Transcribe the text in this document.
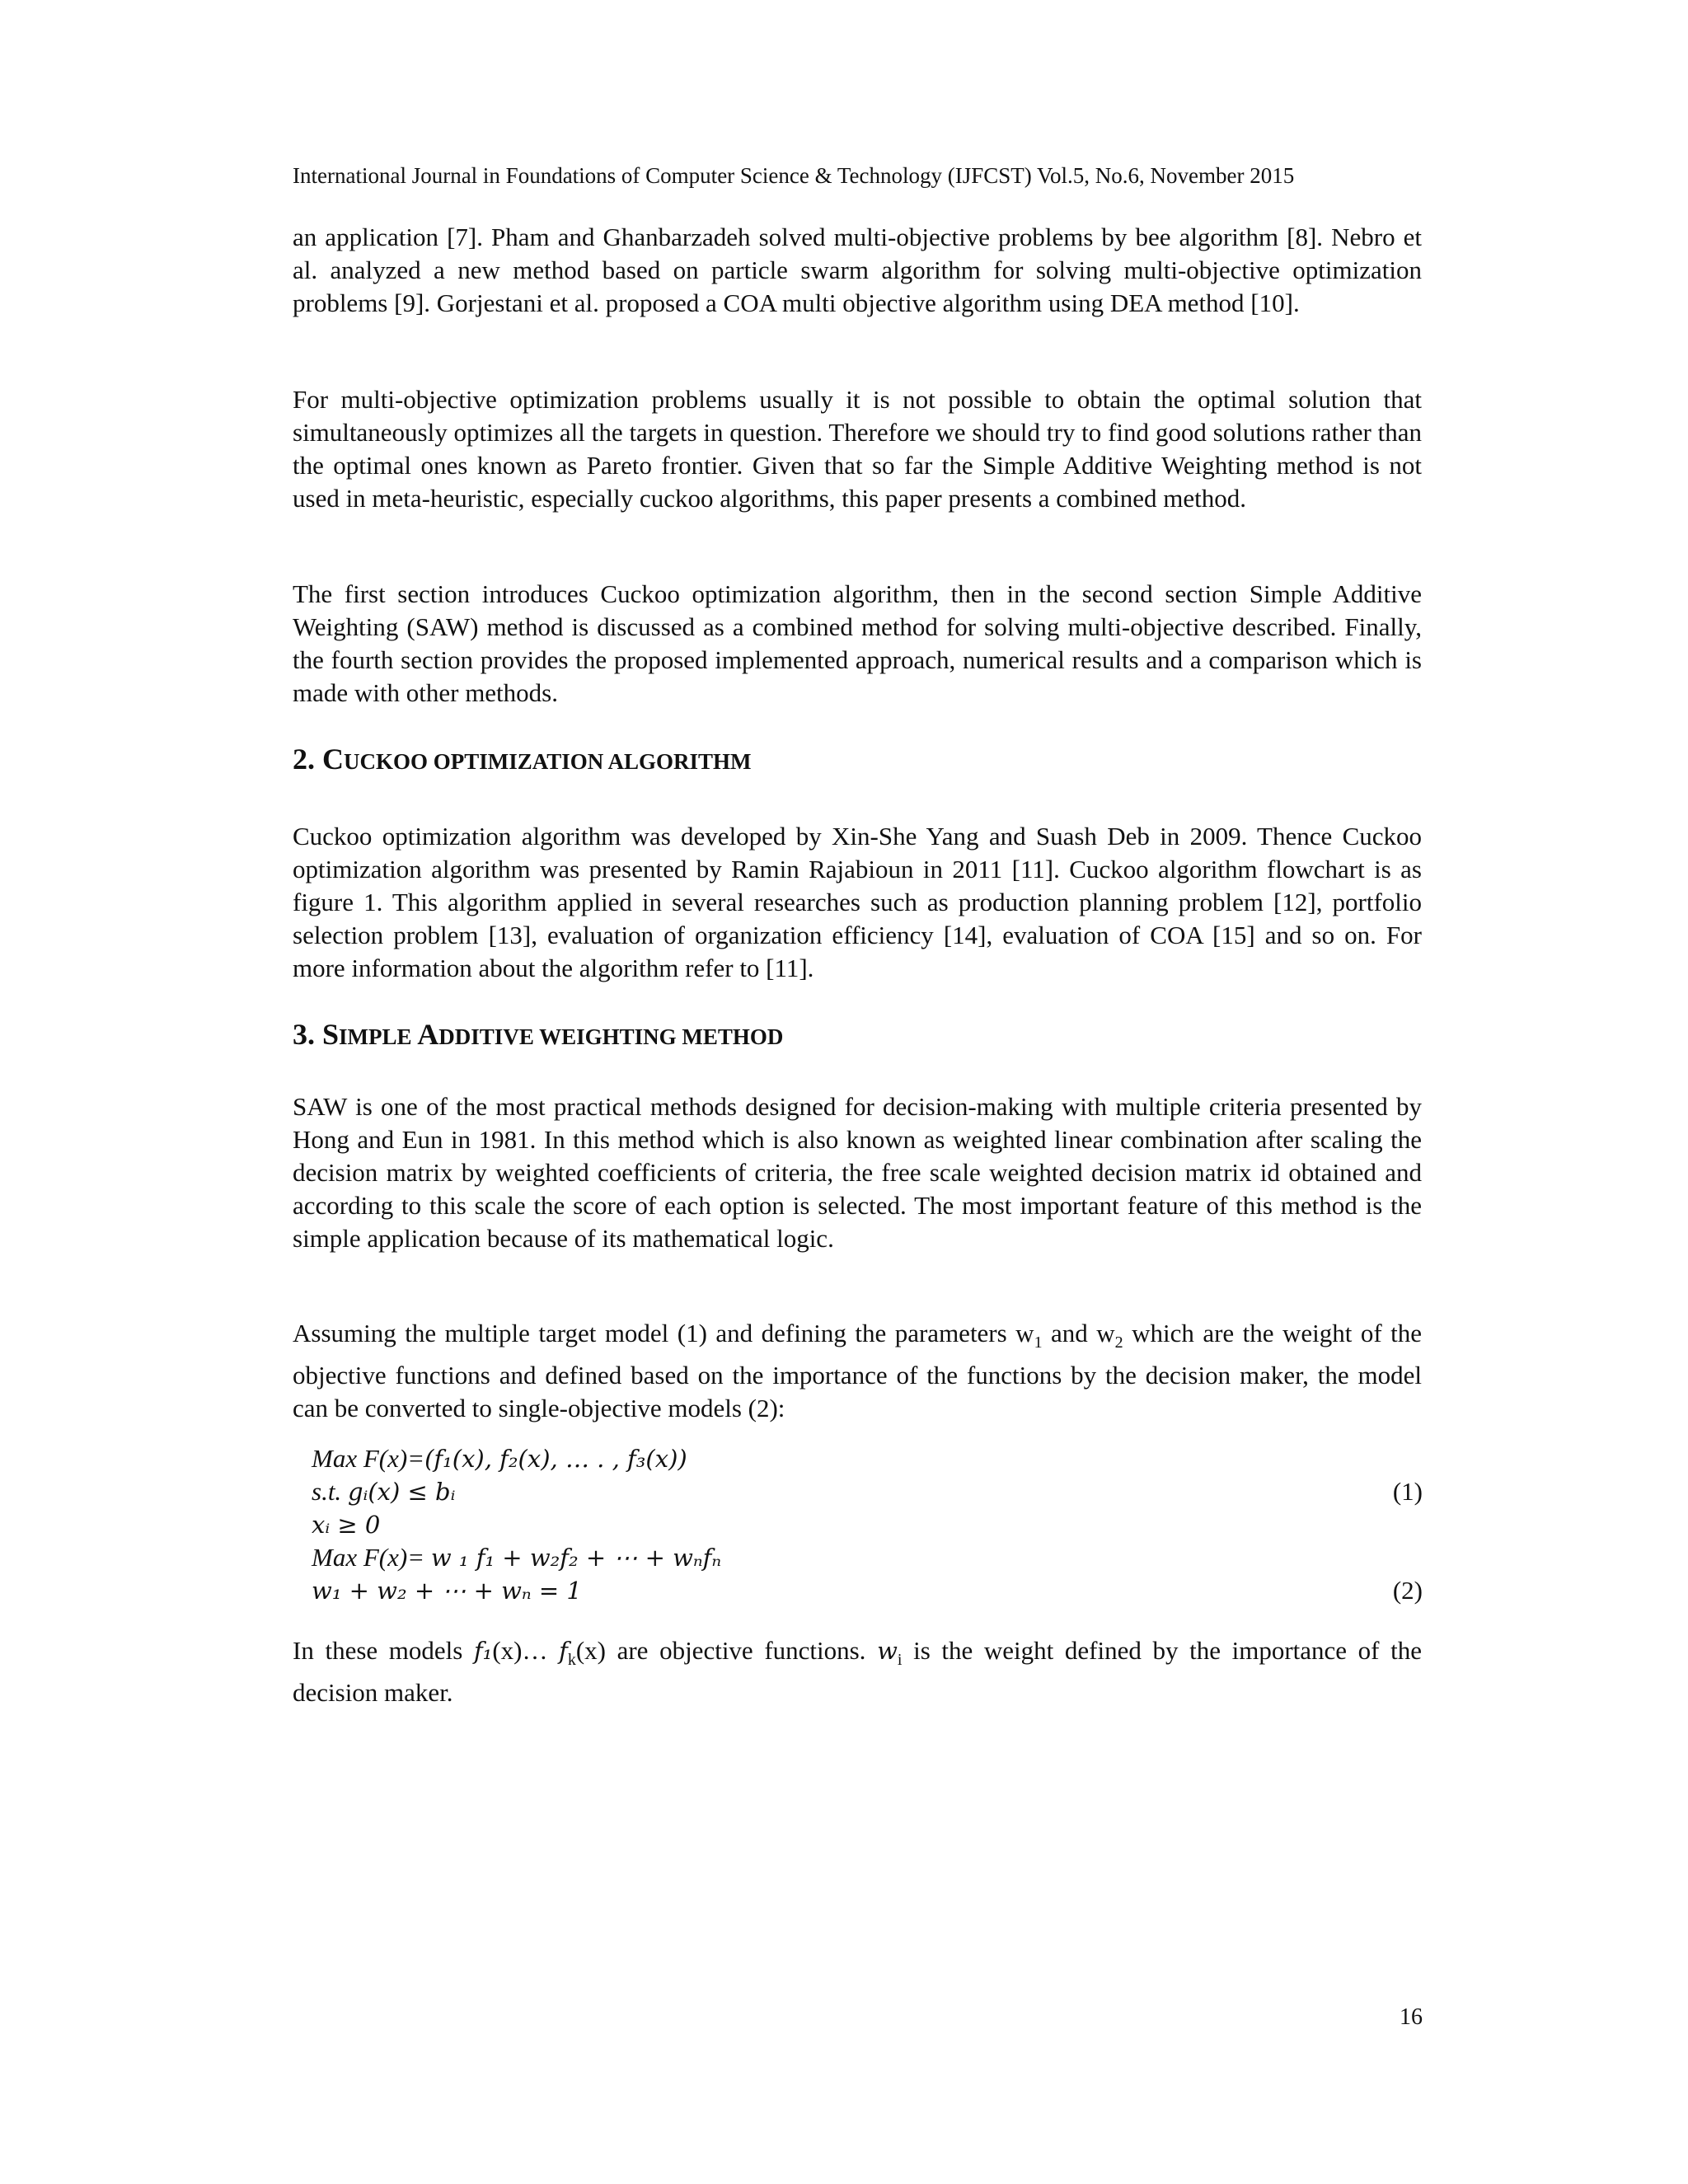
International Journal in Foundations of Computer Science & Technology (IJFCST) Vol.5, No.6, November 2015

an application [7]. Pham and Ghanbarzadeh solved multi-objective problems by bee algorithm [8]. Nebro et al. analyzed a new method based on particle swarm algorithm for solving multi-objective optimization problems [9]. Gorjestani et al. proposed a COA multi objective algorithm using DEA method [10].

For multi-objective optimization problems usually it is not possible to obtain the optimal solution that simultaneously optimizes all the targets in question. Therefore we should try to find good solutions rather than the optimal ones known as Pareto frontier. Given that so far the Simple Additive Weighting method is not used in meta-heuristic, especially cuckoo algorithms, this paper presents a combined method.

The first section introduces Cuckoo optimization algorithm, then in the second section Simple Additive Weighting (SAW) method is discussed as a combined method for solving multi-objective described. Finally, the fourth section provides the proposed implemented approach, numerical results and a comparison which is made with other methods.

2. CUCKOO OPTIMIZATION ALGORITHM

Cuckoo optimization algorithm was developed by Xin-She Yang and Suash Deb in 2009. Thence Cuckoo optimization algorithm was presented by Ramin Rajabioun in 2011 [11]. Cuckoo algorithm flowchart is as figure 1. This algorithm applied in several researches such as production planning problem [12], portfolio selection problem [13], evaluation of organization efficiency [14], evaluation of COA [15] and so on. For more information about the algorithm refer to [11].

3. SIMPLE ADDITIVE WEIGHTING METHOD

SAW is one of the most practical methods designed for decision-making with multiple criteria presented by Hong and Eun in 1981. In this method which is also known as weighted linear combination after scaling the decision matrix by weighted coefficients of criteria, the free scale weighted decision matrix id obtained and according to this scale the score of each option is selected. The most important feature of this method is the simple application because of its mathematical logic.

Assuming the multiple target model (1) and defining the parameters $w_1$ and $w_2$ which are the weight of the objective functions and defined based on the importance of the functions by the decision maker, the model can be converted to single-objective models (2):

Max F(x)=(f₁(x), f₂(x), … . , f₃(x))
s.t. gᵢ(x) ≤ bᵢ	(1)
xᵢ ≥ 0
Max F(x)= w ₁ f₁ + w₂f₂ + ⋯ + wₙfₙ
w₁ + w₂ + ⋯ + wₙ = 1	(2)

In these models f₁(x)… $f_k(x)$ are objective functions. $w_i$ is the weight defined by the importance of the decision maker.

16
